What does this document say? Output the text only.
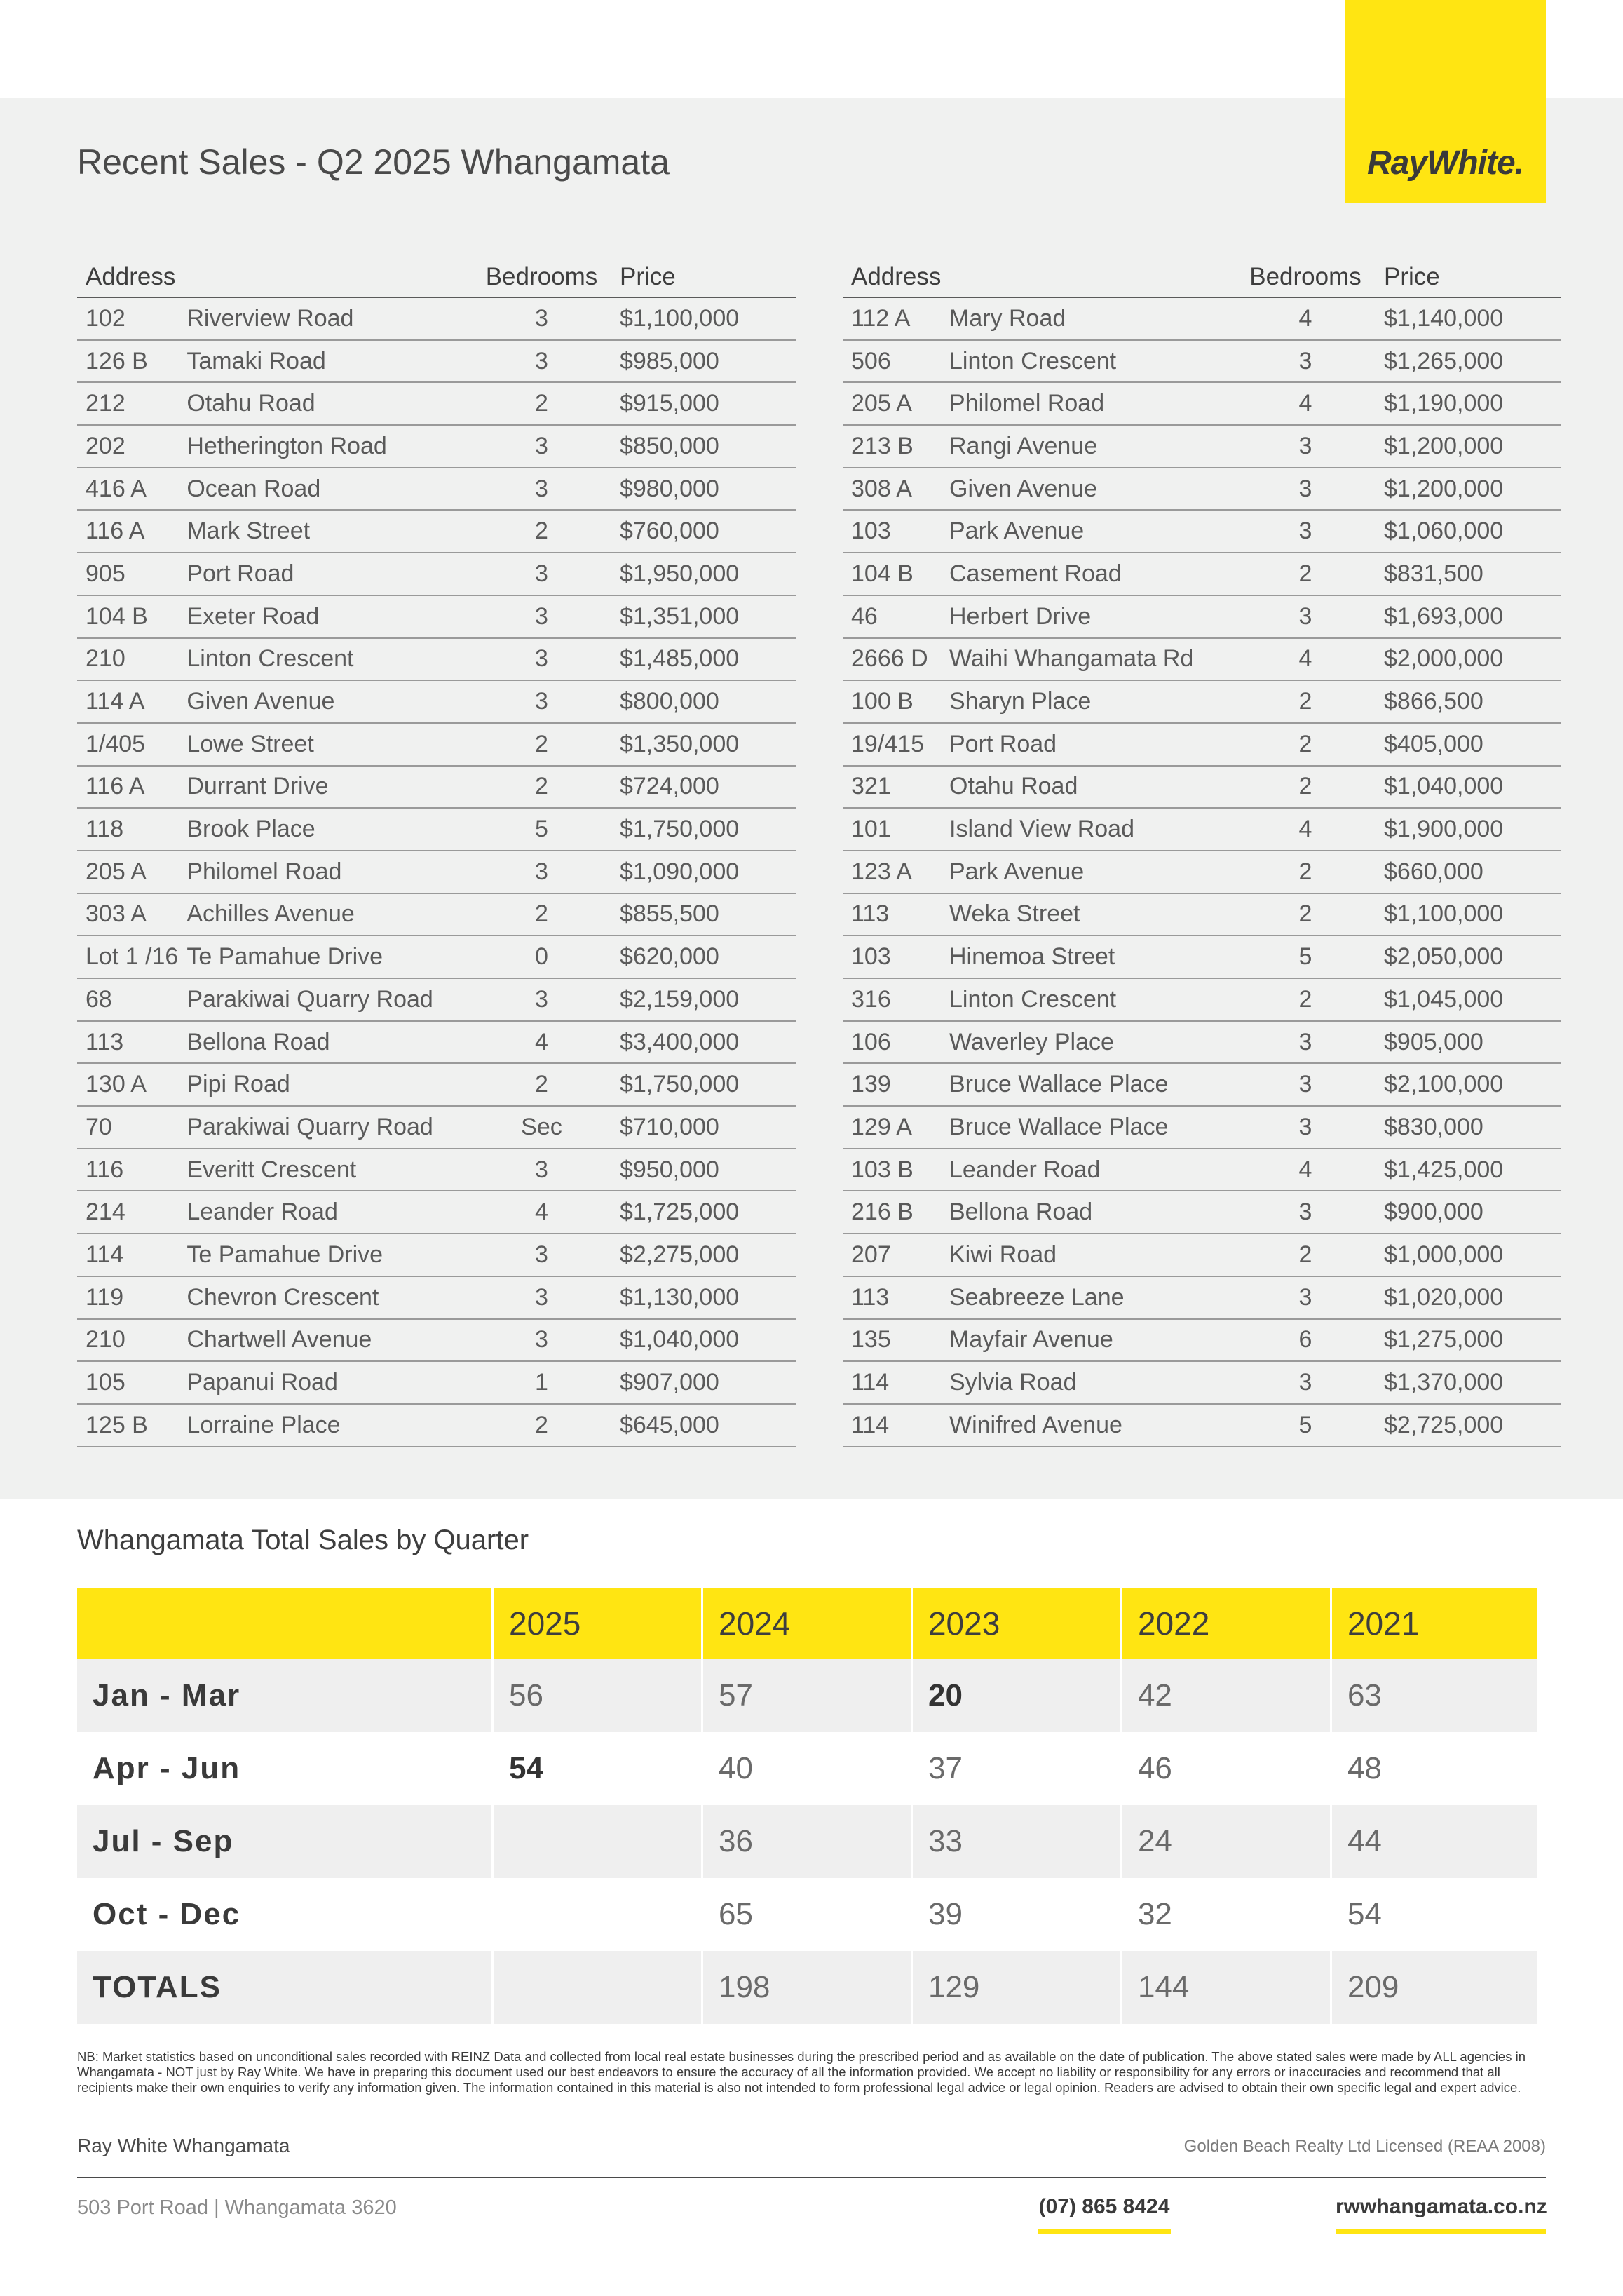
RayWhite.
Recent Sales - Q2 2025 Whangamata
Address		Bedrooms	Price
102	Riverview Road	3	$1,100,000
126 B	Tamaki Road	3	$985,000
212	Otahu Road	2	$915,000
202	Hetherington Road	3	$850,000
416 A	Ocean Road	3	$980,000
116 A	Mark Street	2	$760,000
905	Port Road	3	$1,950,000
104 B	Exeter Road	3	$1,351,000
210	Linton Crescent	3	$1,485,000
114 A	Given Avenue	3	$800,000
1/405	Lowe Street	2	$1,350,000
116 A	Durrant Drive	2	$724,000
118	Brook Place	5	$1,750,000
205 A	Philomel Road	3	$1,090,000
303 A	Achilles Avenue	2	$855,500
Lot 1 /16	Te Pamahue Drive	0	$620,000
68	Parakiwai Quarry Road	3	$2,159,000
113	Bellona Road	4	$3,400,000
130 A	Pipi Road	2	$1,750,000
70	Parakiwai Quarry Road	Sec	$710,000
116	Everitt Crescent	3	$950,000
214	Leander Road	4	$1,725,000
114	Te Pamahue Drive	3	$2,275,000
119	Chevron Crescent	3	$1,130,000
210	Chartwell Avenue	3	$1,040,000
105	Papanui Road	1	$907,000
125 B	Lorraine Place	2	$645,000
Address		Bedrooms	Price
112 A	Mary Road	4	$1,140,000
506	Linton Crescent	3	$1,265,000
205 A	Philomel Road	4	$1,190,000
213 B	Rangi Avenue	3	$1,200,000
308 A	Given Avenue	3	$1,200,000
103	Park Avenue	3	$1,060,000
104 B	Casement Road	2	$831,500
46	Herbert Drive	3	$1,693,000
2666 D	Waihi Whangamata Rd	4	$2,000,000
100 B	Sharyn Place	2	$866,500
19/415	Port Road	2	$405,000
321	Otahu Road	2	$1,040,000
101	Island View Road	4	$1,900,000
123 A	Park Avenue	2	$660,000
113	Weka Street	2	$1,100,000
103	Hinemoa Street	5	$2,050,000
316	Linton Crescent	2	$1,045,000
106	Waverley Place	3	$905,000
139	Bruce Wallace Place	3	$2,100,000
129 A	Bruce Wallace Place	3	$830,000
103 B	Leander Road	4	$1,425,000
216 B	Bellona Road	3	$900,000
207	Kiwi Road	2	$1,000,000
113	Seabreeze Lane	3	$1,020,000
135	Mayfair Avenue	6	$1,275,000
114	Sylvia Road	3	$1,370,000
114	Winifred Avenue	5	$2,725,000
Whangamata Total Sales by Quarter
	2025	2024	2023	2022	2021
Jan - Mar	56	57	20	42	63
Apr - Jun	54	40	37	46	48
Jul - Sep		36	33	24	44
Oct - Dec		65	39	32	54
TOTALS		198	129	144	209

NB: Market statistics based on unconditional sales recorded with REINZ Data and collected from local real estate businesses during the prescribed period and as available on the date of publication. The above stated sales were made by ALL agencies in Whangamata - NOT just by Ray White. We have in preparing this document used our best endeavors to ensure the accuracy of all the information provided. We accept no liability or responsibility for any errors or inaccuracies and recommend that all recipients make their own enquiries to verify any information given. The information contained in this material is also not intended to form professional legal advice or legal opinion. Readers are advised to obtain their own specific legal and expert advice.

Ray White Whangamata	Golden Beach Realty Ltd Licensed (REAA 2008)

503 Port Road | Whangamata 3620	(07) 865 8424	rwwhangamata.co.nz
